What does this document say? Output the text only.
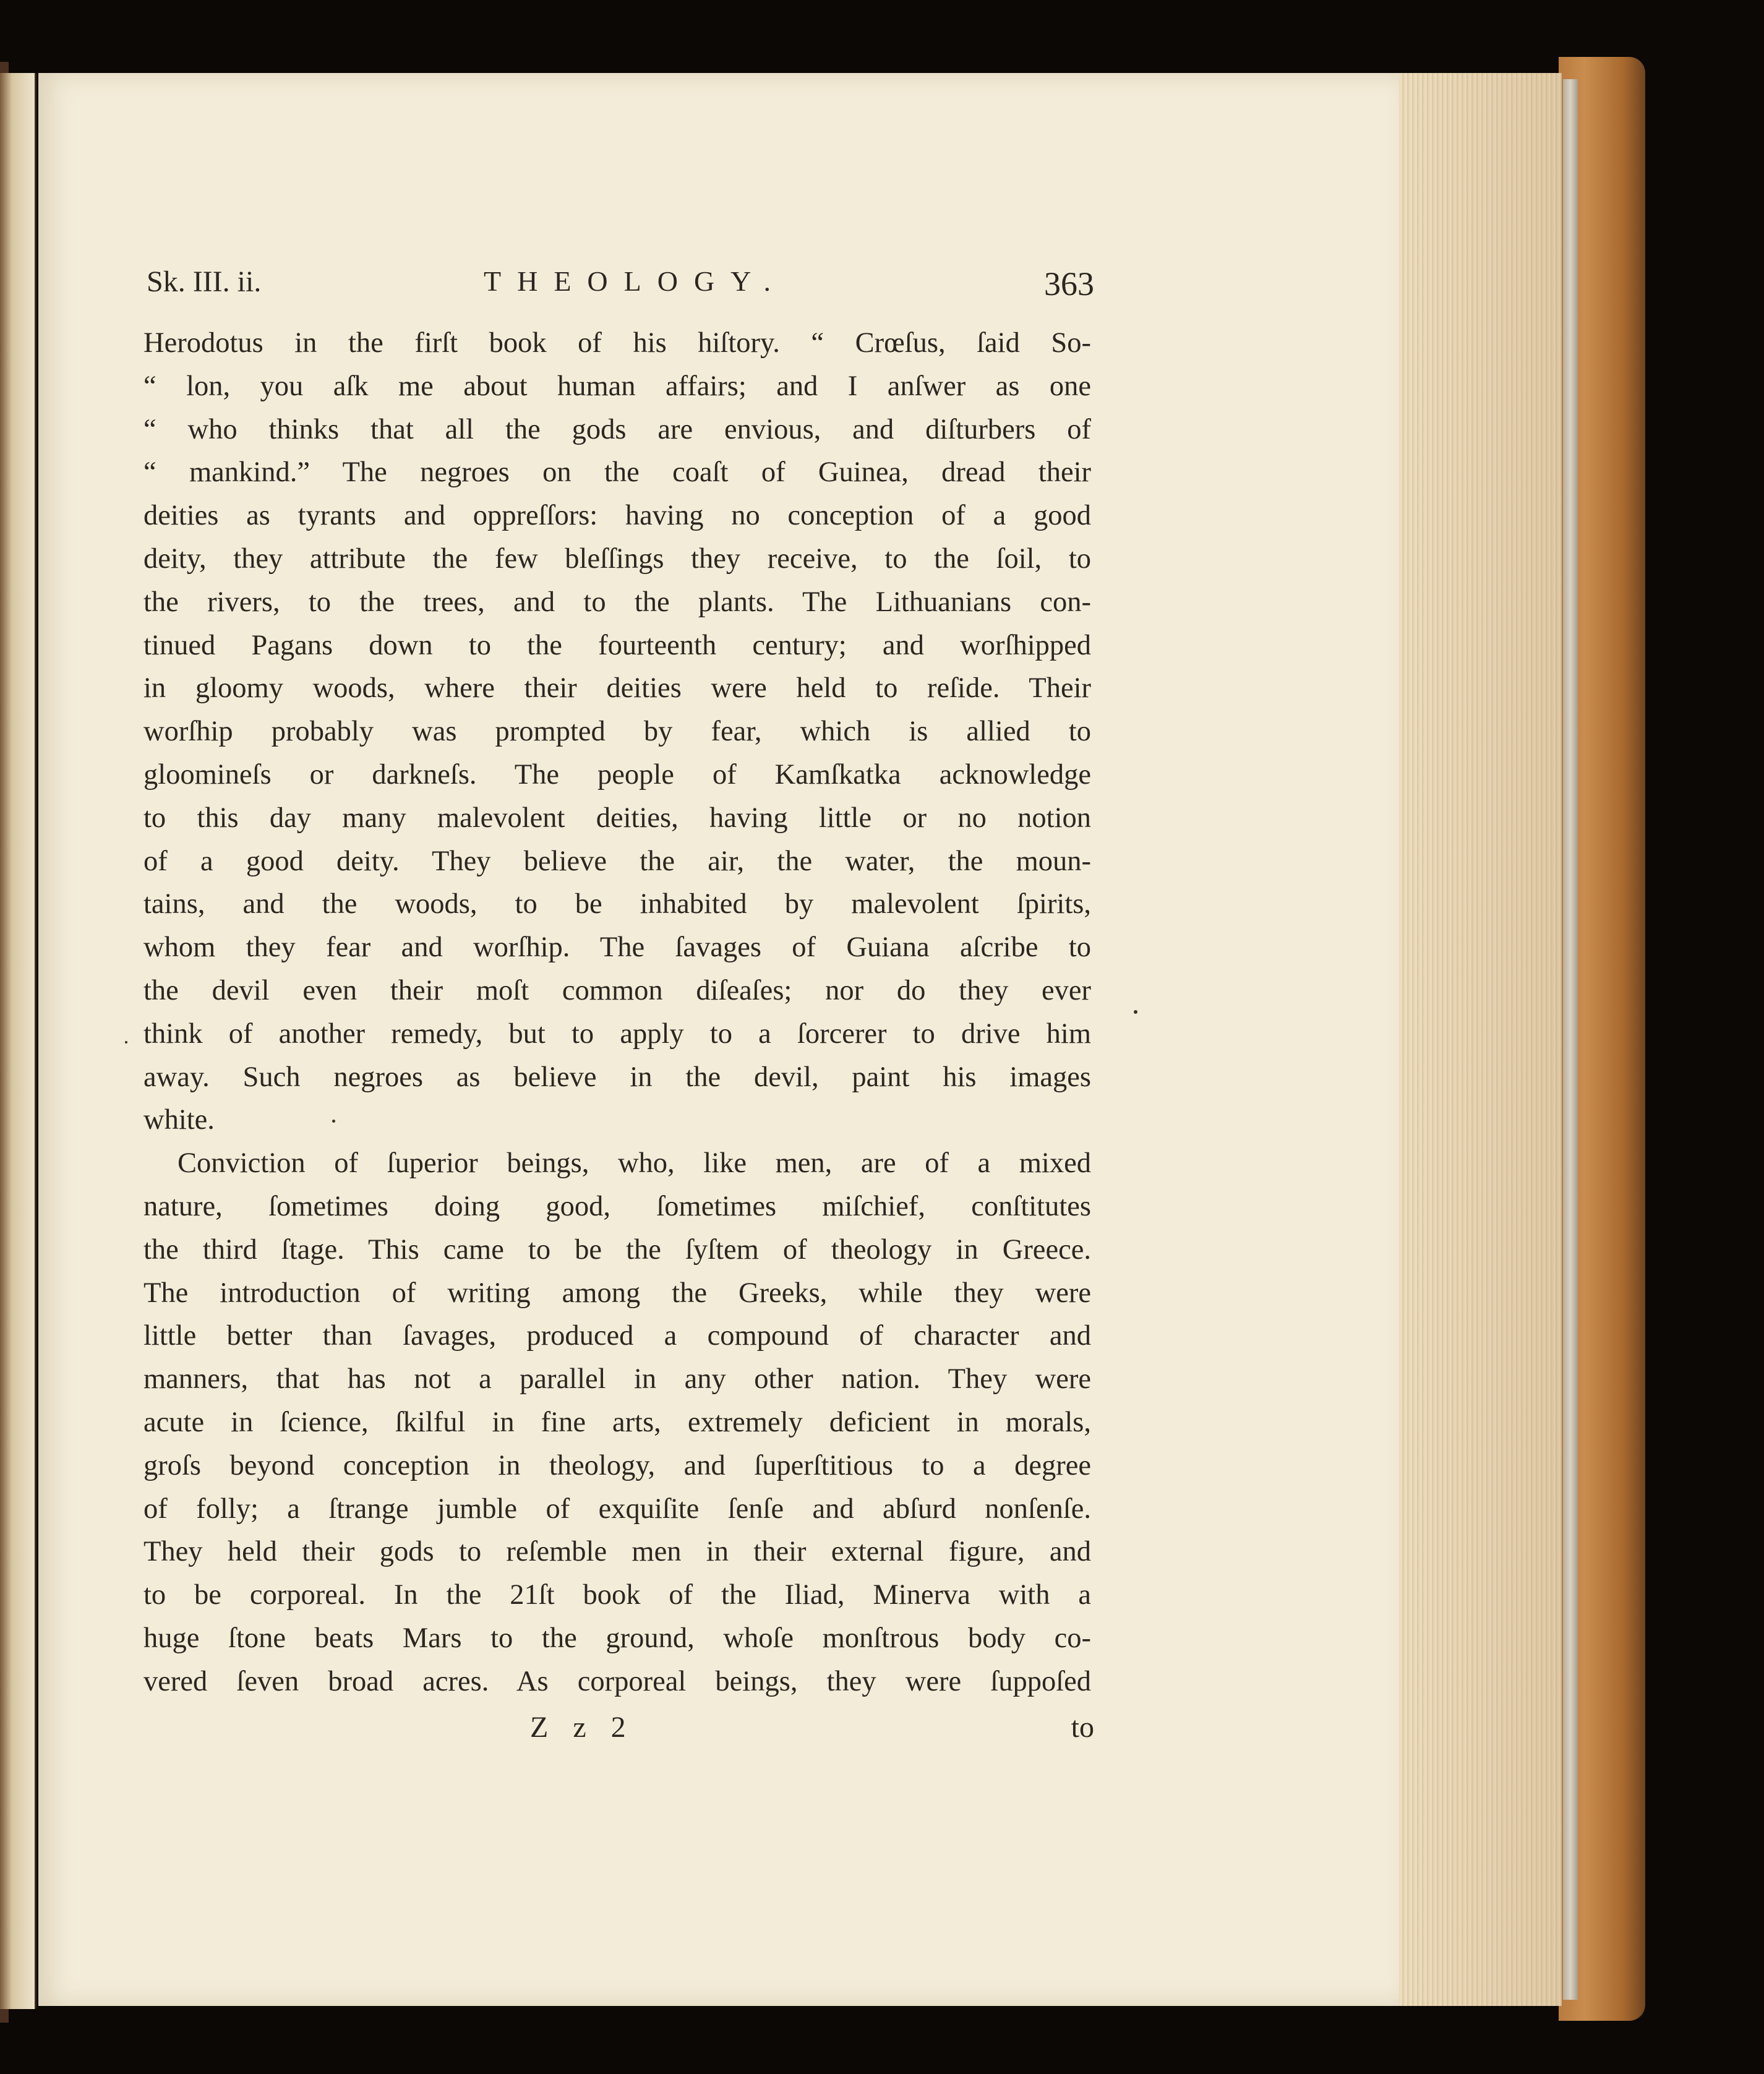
Sk. III. ii.	THEOLOGY.	363
Herodotus in the firſt book of his hiſtory. “ Crœſus, ſaid So-
“ lon, you aſk me about human affairs; and I anſwer as one
“ who thinks that all the gods are envious, and diſturbers of
“ mankind.” The negroes on the coaſt of Guinea, dread their
deities as tyrants and oppreſſors: having no conception of a good
deity, they attribute the few bleſſings they receive, to the ſoil, to
the rivers, to the trees, and to the plants. The Lithuanians con-
tinued Pagans down to the fourteenth century; and worſhipped
in gloomy woods, where their deities were held to reſide. Their
worſhip probably was prompted by fear, which is allied to
gloomineſs or darkneſs. The people of Kamſkatka acknowledge
to this day many malevolent deities, having little or no notion
of a good deity. They believe the air, the water, the moun-
tains, and the woods, to be inhabited by malevolent ſpirits,
whom they fear and worſhip. The ſavages of Guiana aſcribe to
the devil even their moſt common diſeaſes; nor do they ever
think of another remedy, but to apply to a ſorcerer to drive him
away. Such negroes as believe in the devil, paint his images
white.
Conviction of ſuperior beings, who, like men, are of a mixed
nature, ſometimes doing good, ſometimes miſchief, conſtitutes
the third ſtage. This came to be the ſyſtem of theology in Greece.
The introduction of writing among the Greeks, while they were
little better than ſavages, produced a compound of character and
manners, that has not a parallel in any other nation. They were
acute in ſcience, ſkilful in fine arts, extremely deficient in morals,
groſs beyond conception in theology, and ſuperſtitious to a degree
of folly; a ſtrange jumble of exquiſite ſenſe and abſurd nonſenſe.
They held their gods to reſemble men in their external figure, and
to be corporeal. In the 21ſt book of the Iliad, Minerva with a
huge ſtone beats Mars to the ground, whoſe monſtrous body co-
vered ſeven broad acres. As corporeal beings, they were ſuppoſed
Z z 2	to
